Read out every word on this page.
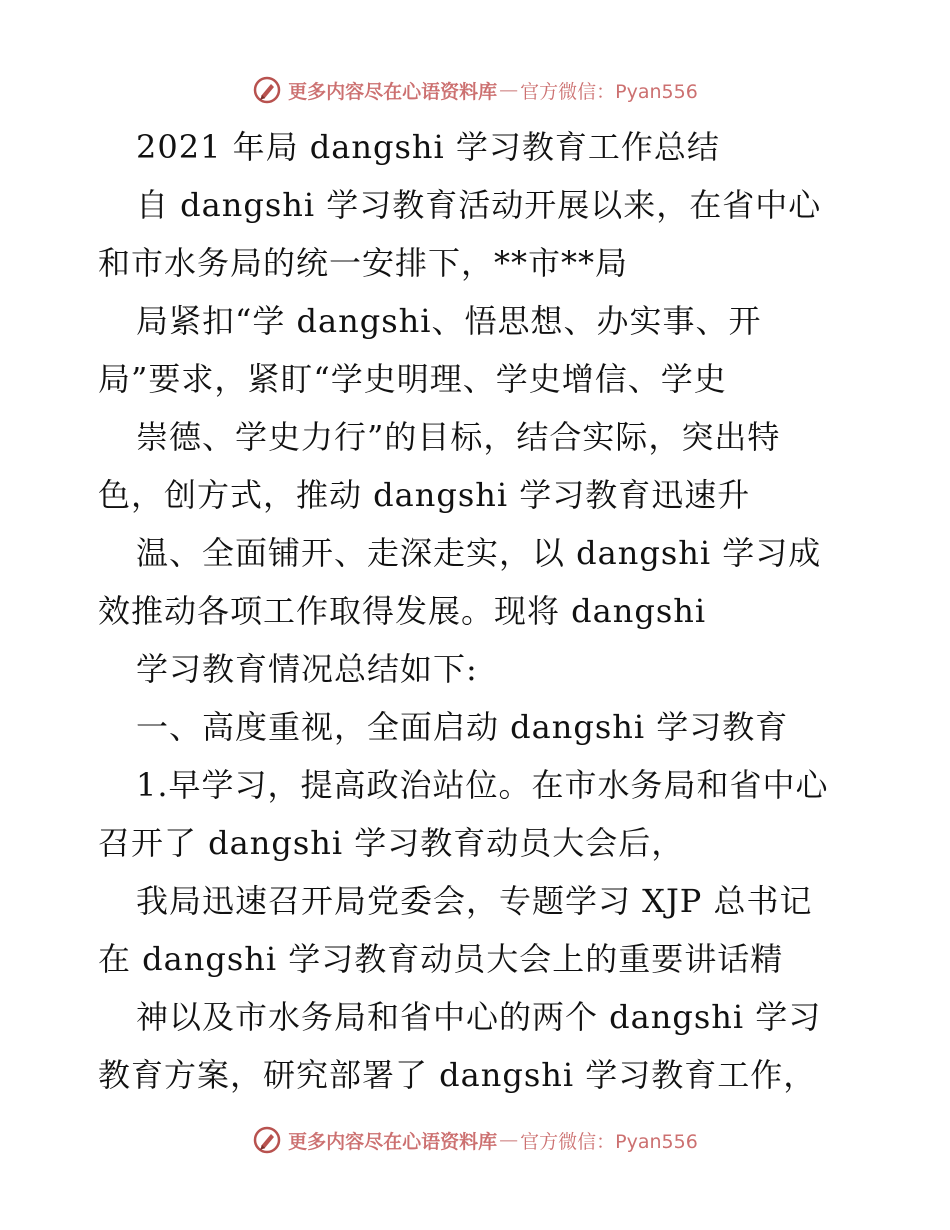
更多内容尽在心语资料库 — 官方微信：Pyan556
2021 年局 dangshi 学习教育工作总结
自 dangshi 学习教育活动开展以来，在省中心
和市水务局的统一安排下，**市**局
局紧扣“学 dangshi、悟思想、办实事、开
局”要求，紧盯“学史明理、学史增信、学史
崇德、学史力行”的目标，结合实际，突出特
色，创方式，推动 dangshi 学习教育迅速升
温、全面铺开、走深走实，以 dangshi 学习成
效推动各项工作取得发展。现将 dangshi
学习教育情况总结如下:
一、高度重视，全面启动 dangshi 学习教育
1.早学习，提高政治站位。在市水务局和省中心
召开了 dangshi 学习教育动员大会后，
我局迅速召开局党委会，专题学习 XJP 总书记
在 dangshi 学习教育动员大会上的重要讲话精
神以及市水务局和省中心的两个 dangshi 学习
教育方案，研究部署了 dangshi 学习教育工作，
更多内容尽在心语资料库 — 官方微信：Pyan556
